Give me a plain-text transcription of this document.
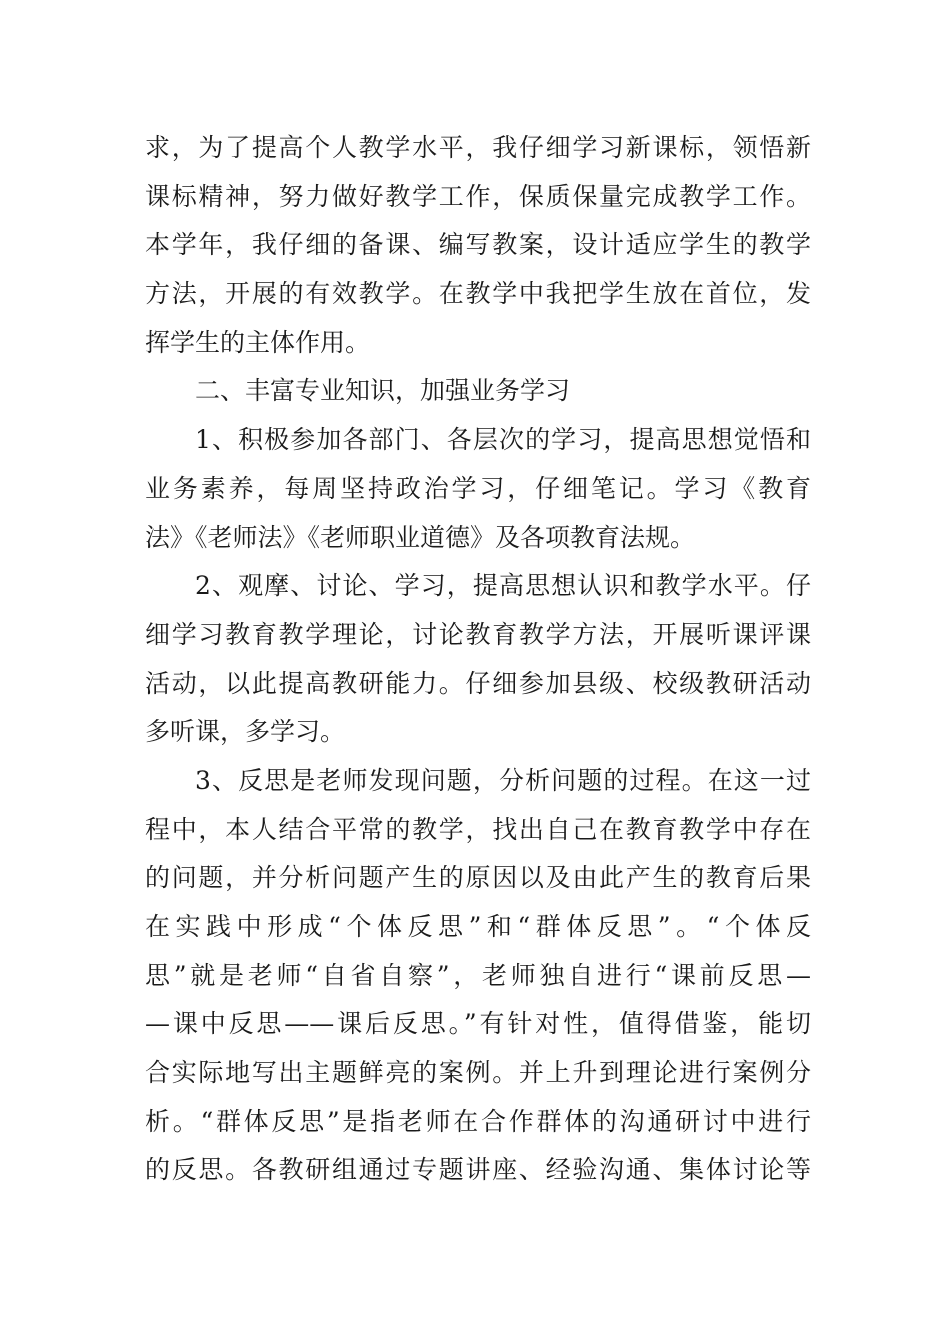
求，为了提高个人教学水平，我仔细学习新课标，领悟新
课标精神，努力做好教学工作，保质保量完成教学工作。
本学年，我仔细的备课、编写教案，设计适应学生的教学
方法，开展的有效教学。在教学中我把学生放在首位，发
挥学生的主体作用。
二、丰富专业知识，加强业务学习
1、积极参加各部门、各层次的学习，提高思想觉悟和
业务素养，每周坚持政治学习，仔细笔记。学习《教育
法》《老师法》《老师职业道德》及各项教育法规。
2、观摩、讨论、学习，提高思想认识和教学水平。仔
细学习教育教学理论，讨论教育教学方法，开展听课评课
活动，以此提高教研能力。仔细参加县级、校级教研活动
多听课，多学习。
3、反思是老师发现问题，分析问题的过程。在这一过
程中，本人结合平常的教学，找出自己在教育教学中存在
的问题，并分析问题产生的原因以及由此产生的教育后果
在实践中形成“个体反思”和“群体反思”。“个体反
思”就是老师“自省自察”，老师独自进行“课前反思—
—课中反思——课后反思。”有针对性，值得借鉴，能切
合实际地写出主题鲜亮的案例。并上升到理论进行案例分
析。“群体反思”是指老师在合作群体的沟通研讨中进行
的反思。各教研组通过专题讲座、经验沟通、集体讨论等
